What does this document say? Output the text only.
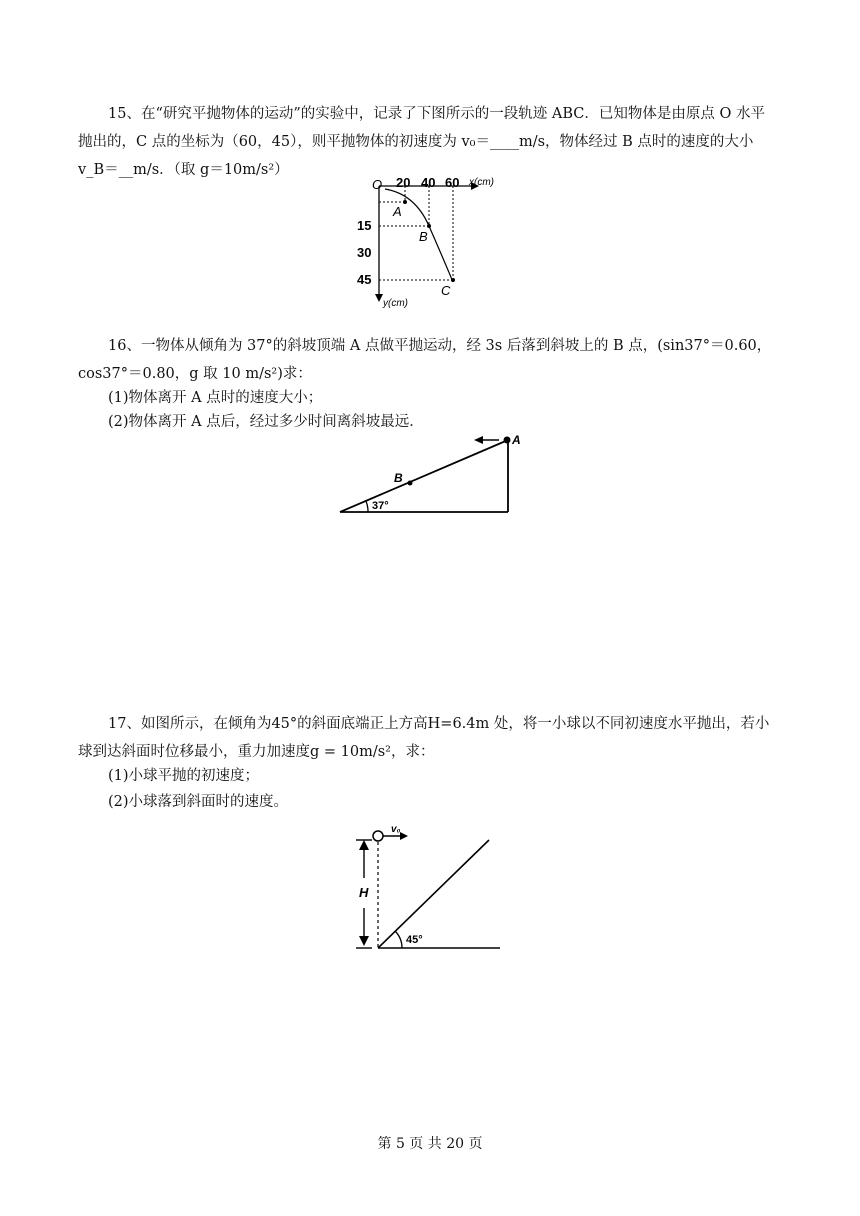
15、在“研究平抛物体的运动”的实验中，记录了下图所示的一段轨迹 ABC．已知物体是由原点 O 水平
抛出的，C 点的坐标为（60，45），则平抛物体的初速度为 v₀＝____m/s，物体经过 B 点时的速度的大小
v_B＝__m/s．（取 g＝10m/s²）
O 20 40 60 x(cm)
15
30
45
y(cm)
A
B
C
16、一物体从倾角为 37°的斜坡顶端 A 点做平抛运动，经 3s 后落到斜坡上的 B 点，(sin37°＝0.60，
cos37°＝0.80，g 取 10 m/s²)求：
(1)物体离开 A 点时的速度大小；
(2)物体离开 A 点后，经过多少时间离斜坡最远．
A
B
37°
17、如图所示，在倾角为45°的斜面底端正上方高H=6.4m 处，将一小球以不同初速度水平抛出，若小
球到达斜面时位移最小，重力加速度g = 10m/s²，求：
(1)小球平抛的初速度；
(2)小球落到斜面时的速度。
v₀
H
45°
第 5 页 共 20 页
